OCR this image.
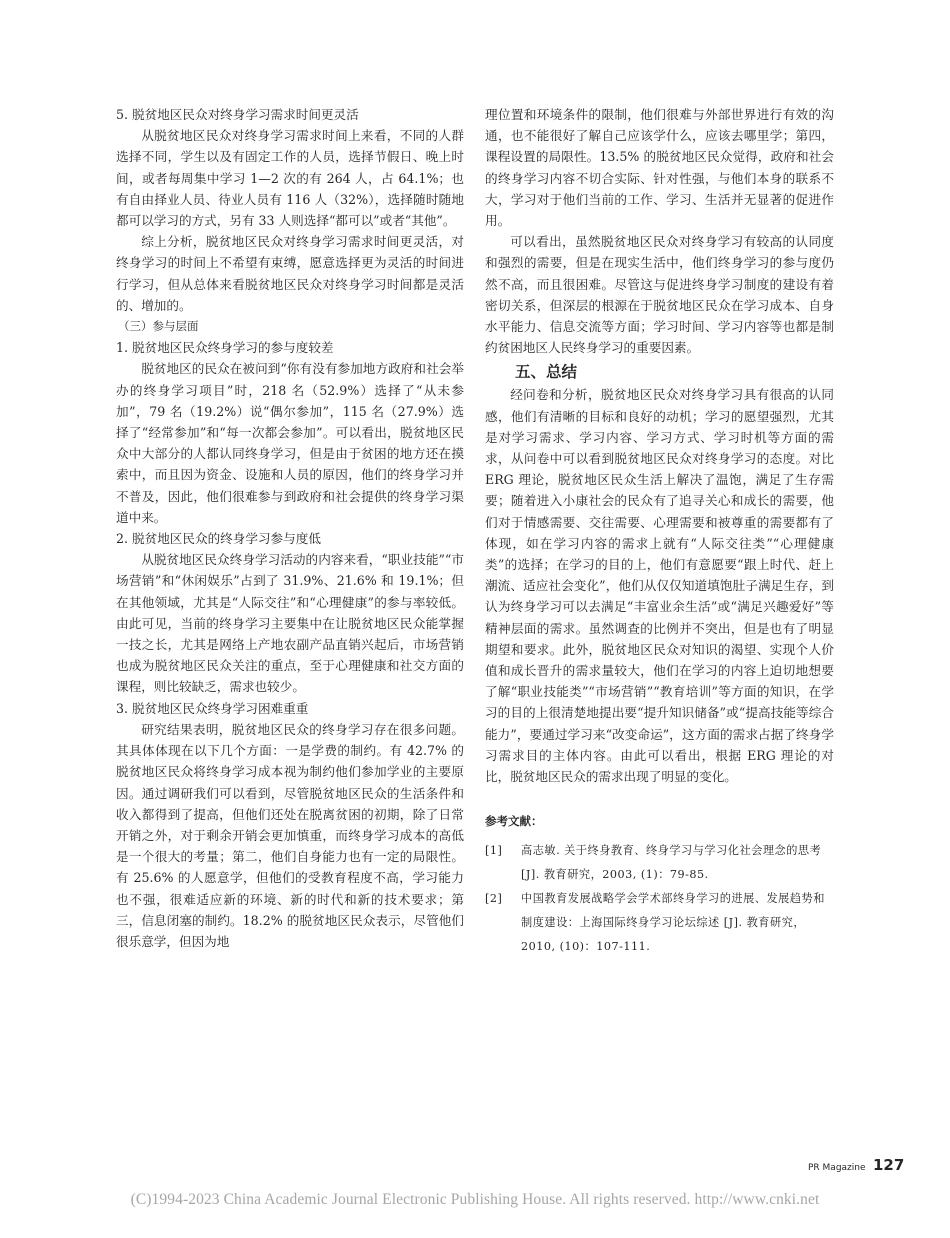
5. 脱贫地区民众对终身学习需求时间更灵活

从脱贫地区民众对终身学习需求时间上来看，不同的人群选择不同，学生以及有固定工作的人员，选择节假日、晚上时间，或者每周集中学习 1—2 次的有 264 人，占 64.1%；也有自由择业人员、待业人员有 116 人（32%），选择随时随地都可以学习的方式，另有 33 人则选择“都可以”或者“其他”。

综上分析，脱贫地区民众对终身学习需求时间更灵活，对终身学习的时间上不希望有束缚，愿意选择更为灵活的时间进行学习，但从总体来看脱贫地区民众对终身学习时间都是灵活的、增加的。

（三）参与层面
1. 脱贫地区民众终身学习的参与度较差

脱贫地区的民众在被问到“你有没有参加地方政府和社会举办的终身学习项目”时，218 名（52.9%）选择了“从未参加”，79 名（19.2%）说“偶尔参加”，115 名（27.9%）选择了“经常参加”和“每一次都会参加”。可以看出，脱贫地区民众中大部分的人都认同终身学习，但是由于贫困的地方还在摸索中，而且因为资金、设施和人员的原因，他们的终身学习并不普及，因此，他们很难参与到政府和社会提供的终身学习渠道中来。

2. 脱贫地区民众的终身学习参与度低

从脱贫地区民众终身学习活动的内容来看，“职业技能”“市场营销”和“休闲娱乐”占到了 31.9%、21.6% 和 19.1%；但在其他领域，尤其是“人际交往”和“心理健康”的参与率较低。由此可见，当前的终身学习主要集中在让脱贫地区民众能掌握一技之长，尤其是网络上产地农副产品直销兴起后，市场营销也成为脱贫地区民众关注的重点，至于心理健康和社交方面的课程，则比较缺乏，需求也较少。

3. 脱贫地区民众终身学习困难重重

研究结果表明，脱贫地区民众的终身学习存在很多问题。其具体体现在以下几个方面：一是学费的制约。有 42.7% 的脱贫地区民众将终身学习成本视为制约他们参加学业的主要原因。通过调研我们可以看到，尽管脱贫地区民众的生活条件和收入都得到了提高，但他们还处在脱离贫困的初期，除了日常开销之外，对于剩余开销会更加慎重，而终身学习成本的高低是一个很大的考量；第二，他们自身能力也有一定的局限性。有 25.6% 的人愿意学，但他们的受教育程度不高，学习能力也不强，很难适应新的环境、新的时代和新的技术要求；第三，信息闭塞的制约。18.2% 的脱贫地区民众表示，尽管他们很乐意学，但因为地

理位置和环境条件的限制，他们很难与外部世界进行有效的沟通，也不能很好了解自己应该学什么，应该去哪里学；第四，课程设置的局限性。13.5% 的脱贫地区民众觉得，政府和社会的终身学习内容不切合实际、针对性强，与他们本身的联系不大，学习对于他们当前的工作、学习、生活并无显著的促进作用。

可以看出，虽然脱贫地区民众对终身学习有较高的认同度和强烈的需要，但是在现实生活中，他们终身学习的参与度仍然不高，而且很困难。尽管这与促进终身学习制度的建设有着密切关系，但深层的根源在于脱贫地区民众在学习成本、自身水平能力、信息交流等方面；学习时间、学习内容等也都是制约贫困地区人民终身学习的重要因素。

五、总结

经问卷和分析，脱贫地区民众对终身学习具有很高的认同感，他们有清晰的目标和良好的动机；学习的愿望强烈，尤其是对学习需求、学习内容、学习方式、学习时机等方面的需求，从问卷中可以看到脱贫地区民众对终身学习的态度。对比 ERG 理论，脱贫地区民众生活上解决了温饱，满足了生存需要；随着进入小康社会的民众有了追寻关心和成长的需要，他们对于情感需要、交往需要、心理需要和被尊重的需要都有了体现，如在学习内容的需求上就有“人际交往类”“心理健康类”的选择；在学习的目的上，他们有意愿要“跟上时代、赶上潮流、适应社会变化”，他们从仅仅知道填饱肚子满足生存，到认为终身学习可以去满足“丰富业余生活”或“满足兴趣爱好”等精神层面的需求。虽然调查的比例并不突出，但是也有了明显期望和要求。此外，脱贫地区民众对知识的渴望、实现个人价值和成长晋升的需求量较大，他们在学习的内容上迫切地想要了解“职业技能类”“市场营销”“教育培训”等方面的知识，在学习的目的上很清楚地提出要“提升知识储备”或“提高技能等综合能力”，要通过学习来“改变命运”，这方面的需求占据了终身学习需求目的主体内容。由此可以看出，根据 ERG 理论的对比，脱贫地区民众的需求出现了明显的变化。

参考文献：
[1] 高志敏. 关于终身教育、终身学习与学习化社会理念的思考 [J]. 教育研究，2003, (1)：79-85.
[2] 中国教育发展战略学会学术部终身学习的进展、发展趋势和制度建设：上海国际终身学习论坛综述 [J]. 教育研究，2010, (10)：107-111.
PR Magazine 127
(C)1994-2023 China Academic Journal Electronic Publishing House. All rights reserved. http://www.cnki.net
